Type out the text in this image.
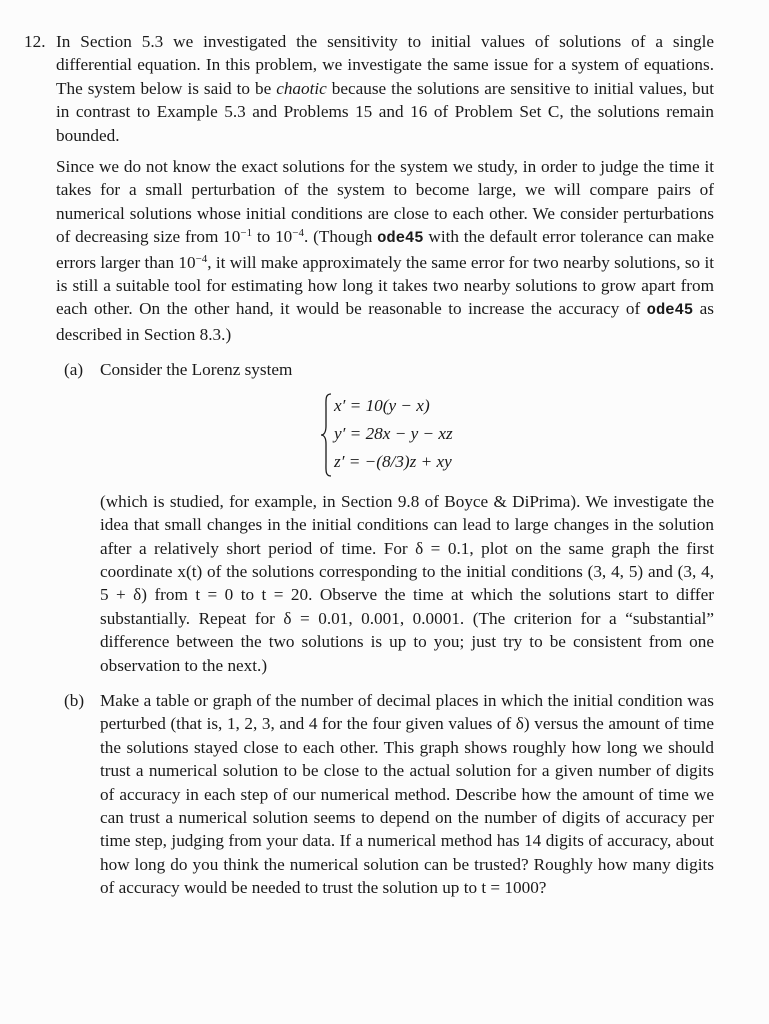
12. In Section 5.3 we investigated the sensitivity to initial values of solutions of a single differential equation. In this problem, we investigate the same issue for a system of equations. The system below is said to be chaotic because the solutions are sensitive to initial values, but in contrast to Example 5.3 and Problems 15 and 16 of Problem Set C, the solutions remain bounded.

Since we do not know the exact solutions for the system we study, in order to judge the time it takes for a small perturbation of the system to become large, we will compare pairs of numerical solutions whose initial conditions are close to each other. We consider perturbations of decreasing size from $10^{-1}$ to $10^{-4}$. (Though ode45 with the default error tolerance can make errors larger than $10^{-4}$, it will make approximately the same error for two nearby solutions, so it is still a suitable tool for estimating how long it takes two nearby solutions to grow apart from each other. On the other hand, it would be reasonable to increase the accuracy of ode45 as described in Section 8.3.)

(a) Consider the Lorenz system

x′ = 10(y − x)
y′ = 28x − y − xz
z′ = −(8/3)z + xy

(which is studied, for example, in Section 9.8 of Boyce & DiPrima). We investigate the idea that small changes in the initial conditions can lead to large changes in the solution after a relatively short period of time. For δ = 0.1, plot on the same graph the first coordinate x(t) of the solutions corresponding to the initial conditions (3, 4, 5) and (3, 4, 5 + δ) from t = 0 to t = 20. Observe the time at which the solutions start to differ substantially. Repeat for δ = 0.01, 0.001, 0.0001. (The criterion for a “substantial” difference between the two solutions is up to you; just try to be consistent from one observation to the next.)

(b) Make a table or graph of the number of decimal places in which the initial condition was perturbed (that is, 1, 2, 3, and 4 for the four given values of δ) versus the amount of time the solutions stayed close to each other. This graph shows roughly how long we should trust a numerical solution to be close to the actual solution for a given number of digits of accuracy in each step of our numerical method. Describe how the amount of time we can trust a numerical solution seems to depend on the number of digits of accuracy per time step, judging from your data. If a numerical method has 14 digits of accuracy, about how long do you think the numerical solution can be trusted? Roughly how many digits of accuracy would be needed to trust the solution up to t = 1000?
